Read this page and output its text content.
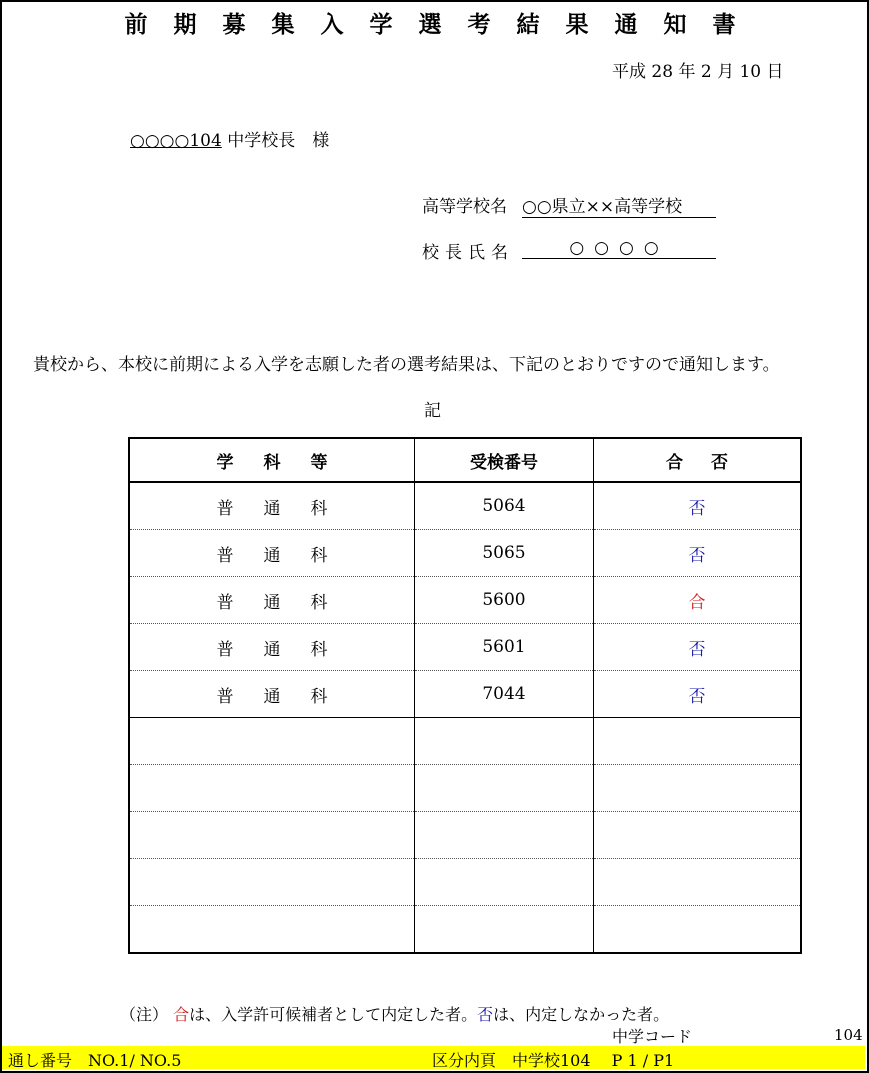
前 期 募 集 入 学 選 考 結 果 通 知 書
平成 28 年 2 月 10 日
○○○○104 中学校長　様
高等学校名 ○○県立××高等学校
校長氏名	○○○○
貴校から、本校に前期による入学を志願した者の選考結果は、下記のとおりですので通知します。
記
学科等	受検番号	合否
普通科	5064	否
普通科	5065	否
普通科	5600	合
普通科	5601	否
普通科	7044	否

（注） 合は、入学許可候補者として内定した者。否は、内定しなかった者。
中学コード	104
通し番号　NO.1/ NO.5	区分内頁　中学校104　 P 1 / P1
